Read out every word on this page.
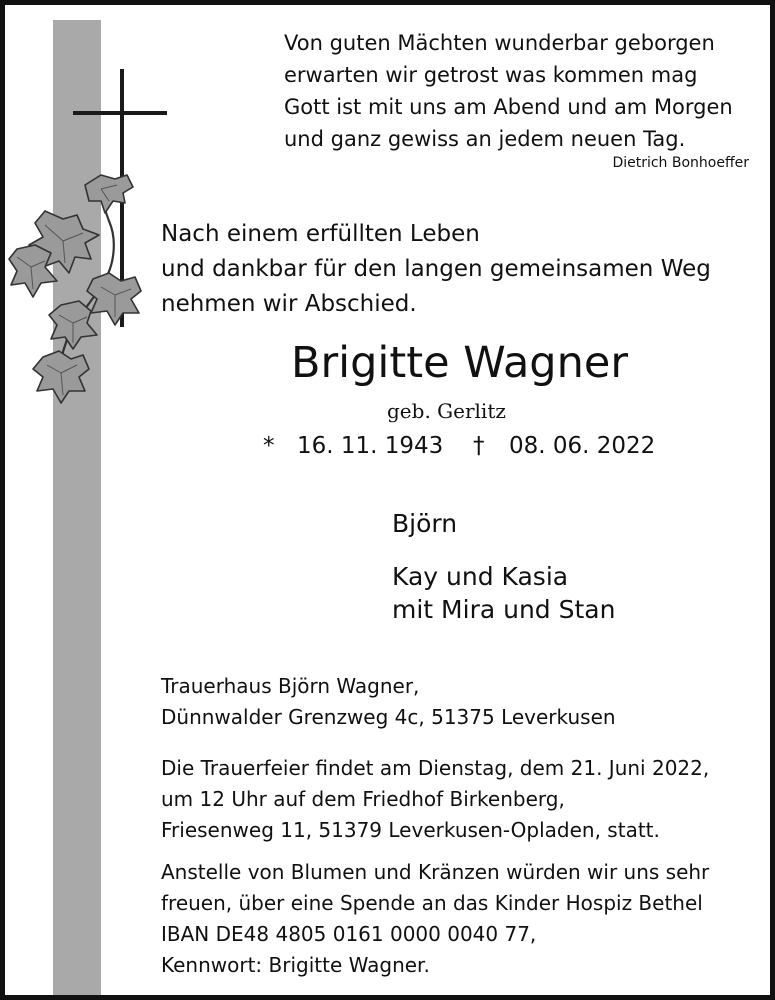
Von guten Mächten wunderbar geborgen
erwarten wir getrost was kommen mag
Gott ist mit uns am Abend und am Morgen
und ganz gewiss an jedem neuen Tag.

Dietrich Bonhoeffer

Nach einem erfüllten Leben
und dankbar für den langen gemeinsamen Weg
nehmen wir Abschied.

Brigitte Wagner

geb. Gerlitz

* 16. 11. 1943 † 08. 06. 2022

Björn

Kay und Kasia
mit Mira und Stan

Trauerhaus Björn Wagner,
Dünnwalder Grenzweg 4c, 51375 Leverkusen

Die Trauerfeier findet am Dienstag, dem 21. Juni 2022,
um 12 Uhr auf dem Friedhof Birkenberg,
Friesenweg 11, 51379 Leverkusen-Opladen, statt.

Anstelle von Blumen und Kränzen würden wir uns sehr
freuen, über eine Spende an das Kinder Hospiz Bethel
IBAN DE48 4805 0161 0000 0040 77,
Kennwort: Brigitte Wagner.
